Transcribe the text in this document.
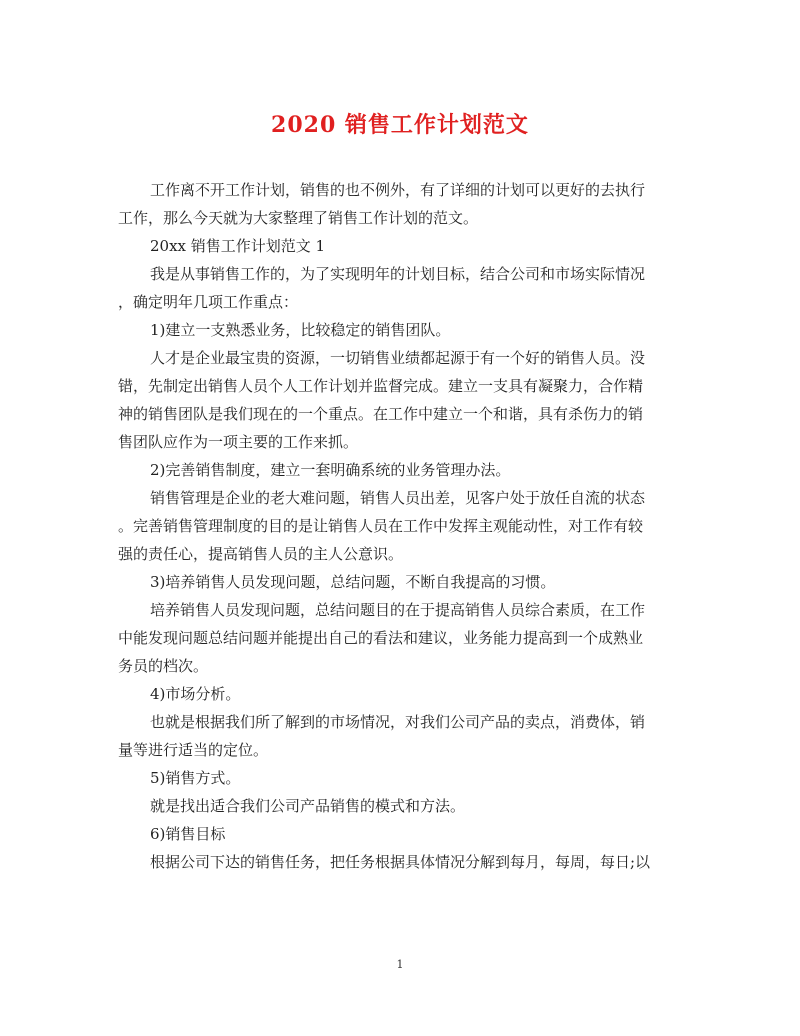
2020 销售工作计划范文

工作离不开工作计划，销售的也不例外，有了详细的计划可以更好的去执行
工作，那么今天就为大家整理了销售工作计划的范文。

20xx 销售工作计划范文 1

我是从事销售工作的，为了实现明年的计划目标，结合公司和市场实际情况
，确定明年几项工作重点：

1)建立一支熟悉业务，比较稳定的销售团队。

人才是企业最宝贵的资源，一切销售业绩都起源于有一个好的销售人员。没
错，先制定出销售人员个人工作计划并监督完成。建立一支具有凝聚力，合作精
神的销售团队是我们现在的一个重点。在工作中建立一个和谐，具有杀伤力的销
售团队应作为一项主要的工作来抓。

2)完善销售制度，建立一套明确系统的业务管理办法。

销售管理是企业的老大难问题，销售人员出差，见客户处于放任自流的状态
。完善销售管理制度的目的是让销售人员在工作中发挥主观能动性，对工作有较
强的责任心，提高销售人员的主人公意识。

3)培养销售人员发现问题，总结问题，不断自我提高的习惯。

培养销售人员发现问题，总结问题目的在于提高销售人员综合素质，在工作
中能发现问题总结问题并能提出自己的看法和建议，业务能力提高到一个成熟业
务员的档次。

4)市场分析。

也就是根据我们所了解到的市场情况，对我们公司产品的卖点，消费体，销
量等进行适当的定位。

5)销售方式。

就是找出适合我们公司产品销售的模式和方法。

6)销售目标

根据公司下达的销售任务，把任务根据具体情况分解到每月，每周，每日;以

1
